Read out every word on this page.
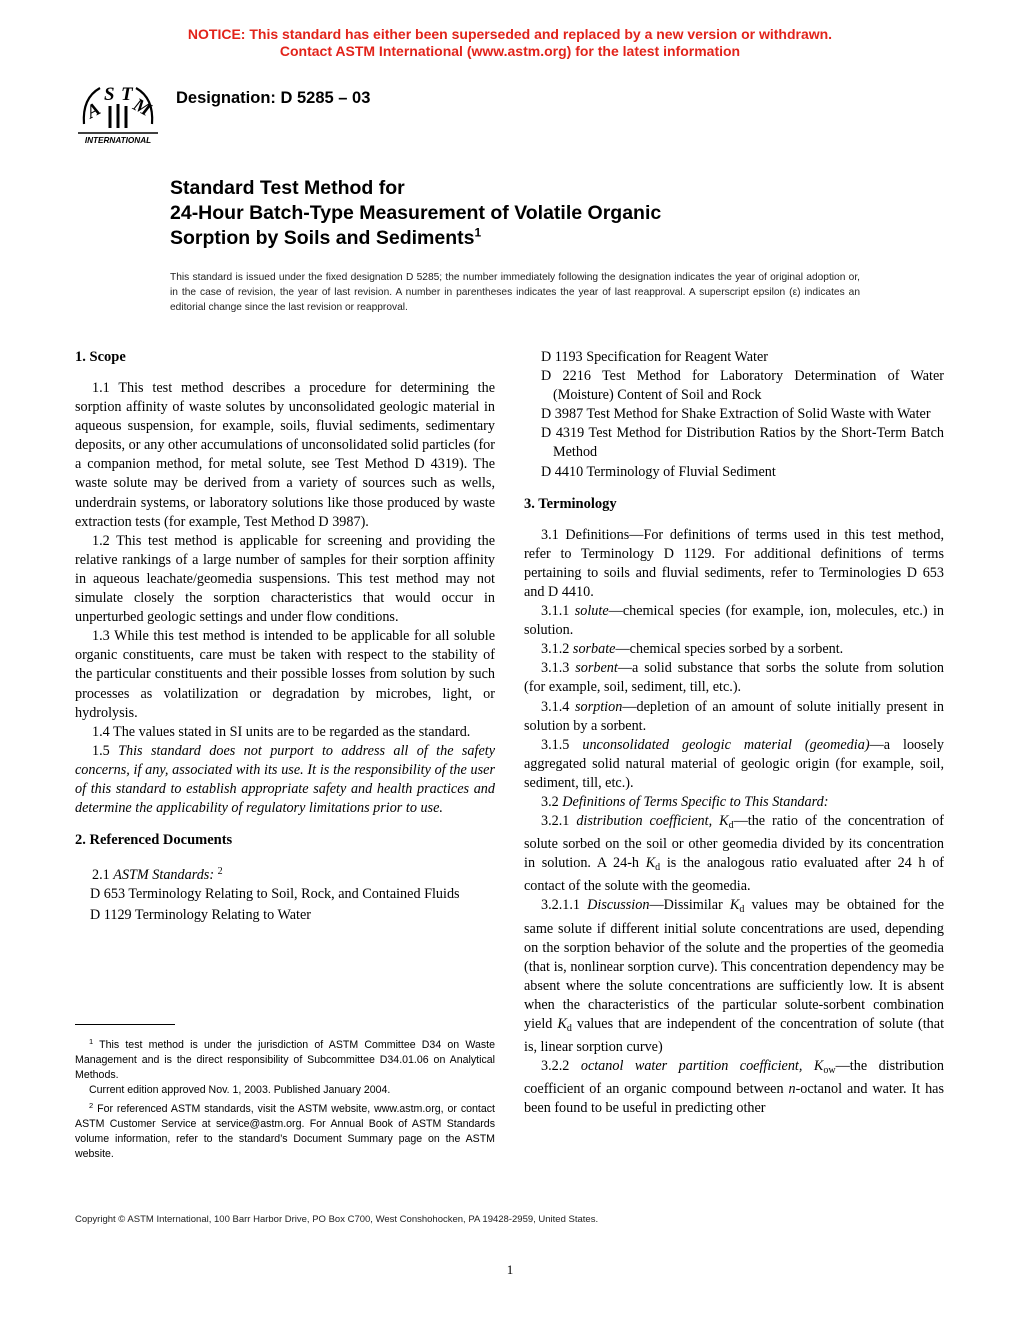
NOTICE: This standard has either been superseded and replaced by a new version or withdrawn.
Contact ASTM International (www.astm.org) for the latest information
A
S T
M
INTERNATIONAL
Designation: D 5285 – 03
Standard Test Method for
24-Hour Batch-Type Measurement of Volatile Organic
Sorption by Soils and Sediments$^1$
This standard is issued under the fixed designation D 5285; the number immediately following the designation indicates the year of original adoption or, in the case of revision, the year of last revision. A number in parentheses indicates the year of last reapproval. A superscript epsilon (ε) indicates an editorial change since the last revision or reapproval.
1. Scope

1.1 This test method describes a procedure for determining the sorption affinity of waste solutes by unconsolidated geologic material in aqueous suspension, for example, soils, fluvial sediments, sedimentary deposits, or any other accumulations of unconsolidated solid particles (for a companion method, for metal solute, see Test Method D 4319). The waste solute may be derived from a variety of sources such as wells, underdrain systems, or laboratory solutions like those produced by waste extraction tests (for example, Test Method D 3987).

1.2 This test method is applicable for screening and providing the relative rankings of a large number of samples for their sorption affinity in aqueous leachate/geomedia suspensions. This test method may not simulate closely the sorption characteristics that would occur in unperturbed geologic settings and under flow conditions.

1.3 While this test method is intended to be applicable for all soluble organic constituents, care must be taken with respect to the stability of the particular constituents and their possible losses from solution by such processes as volatilization or degradation by microbes, light, or hydrolysis.

1.4 The values stated in SI units are to be regarded as the standard.

1.5 This standard does not purport to address all of the safety concerns, if any, associated with its use. It is the responsibility of the user of this standard to establish appropriate safety and health practices and determine the applicability of regulatory limitations prior to use.

2. Referenced Documents

2.1 ASTM Standards: $^2$

D 653 Terminology Relating to Soil, Rock, and Contained Fluids

D 1129 Terminology Relating to Water

$^1$ This test method is under the jurisdiction of ASTM Committee D34 on Waste Management and is the direct responsibility of Subcommittee D34.01.06 on Analytical Methods.

Current edition approved Nov. 1, 2003. Published January 2004.

$^2$ For referenced ASTM standards, visit the ASTM website, www.astm.org, or contact ASTM Customer Service at service@astm.org. For Annual Book of ASTM Standards volume information, refer to the standard’s Document Summary page on the ASTM website.

D 1193 Specification for Reagent Water

D 2216 Test Method for Laboratory Determination of Water (Moisture) Content of Soil and Rock

D 3987 Test Method for Shake Extraction of Solid Waste with Water

D 4319 Test Method for Distribution Ratios by the Short-Term Batch Method

D 4410 Terminology of Fluvial Sediment

3. Terminology

3.1 Definitions—For definitions of terms used in this test method, refer to Terminology D 1129. For additional definitions of terms pertaining to soils and fluvial sediments, refer to Terminologies D 653 and D 4410.

3.1.1 solute—chemical species (for example, ion, molecules, etc.) in solution.

3.1.2 sorbate—chemical species sorbed by a sorbent.

3.1.3 sorbent—a solid substance that sorbs the solute from solution (for example, soil, sediment, till, etc.).

3.1.4 sorption—depletion of an amount of solute initially present in solution by a sorbent.

3.1.5 unconsolidated geologic material (geomedia)—a loosely aggregated solid natural material of geologic origin (for example, soil, sediment, till, etc.).

3.2 Definitions of Terms Specific to This Standard:

3.2.1 distribution coefficient, $K_d—the$ ratio of the concentration of solute sorbed on the soil or other geomedia divided by its concentration in solution. A 24-h $K_d$ is the analogous ratio evaluated after 24 h of contact of the solute with the geomedia.

3.2.1.1 Discussion—Dissimilar $K_d$ values may be obtained for the same solute if different initial solute concentrations are used, depending on the sorption behavior of the solute and the properties of the geomedia (that is, nonlinear sorption curve). This concentration dependency may be absent where the solute concentrations are sufficiently low. It is absent when the characteristics of the particular solute-sorbent combination yield $K_d$ values that are independent of the concentration of solute (that is, linear sorption curve)

3.2.2 octanol water partition coefficient, $K_{ow}—the$ distribution coefficient of an organic compound between n-octanol and water. It has been found to be useful in predicting other

Copyright © ASTM International, 100 Barr Harbor Drive, PO Box C700, West Conshohocken, PA 19428-2959, United States.
1
